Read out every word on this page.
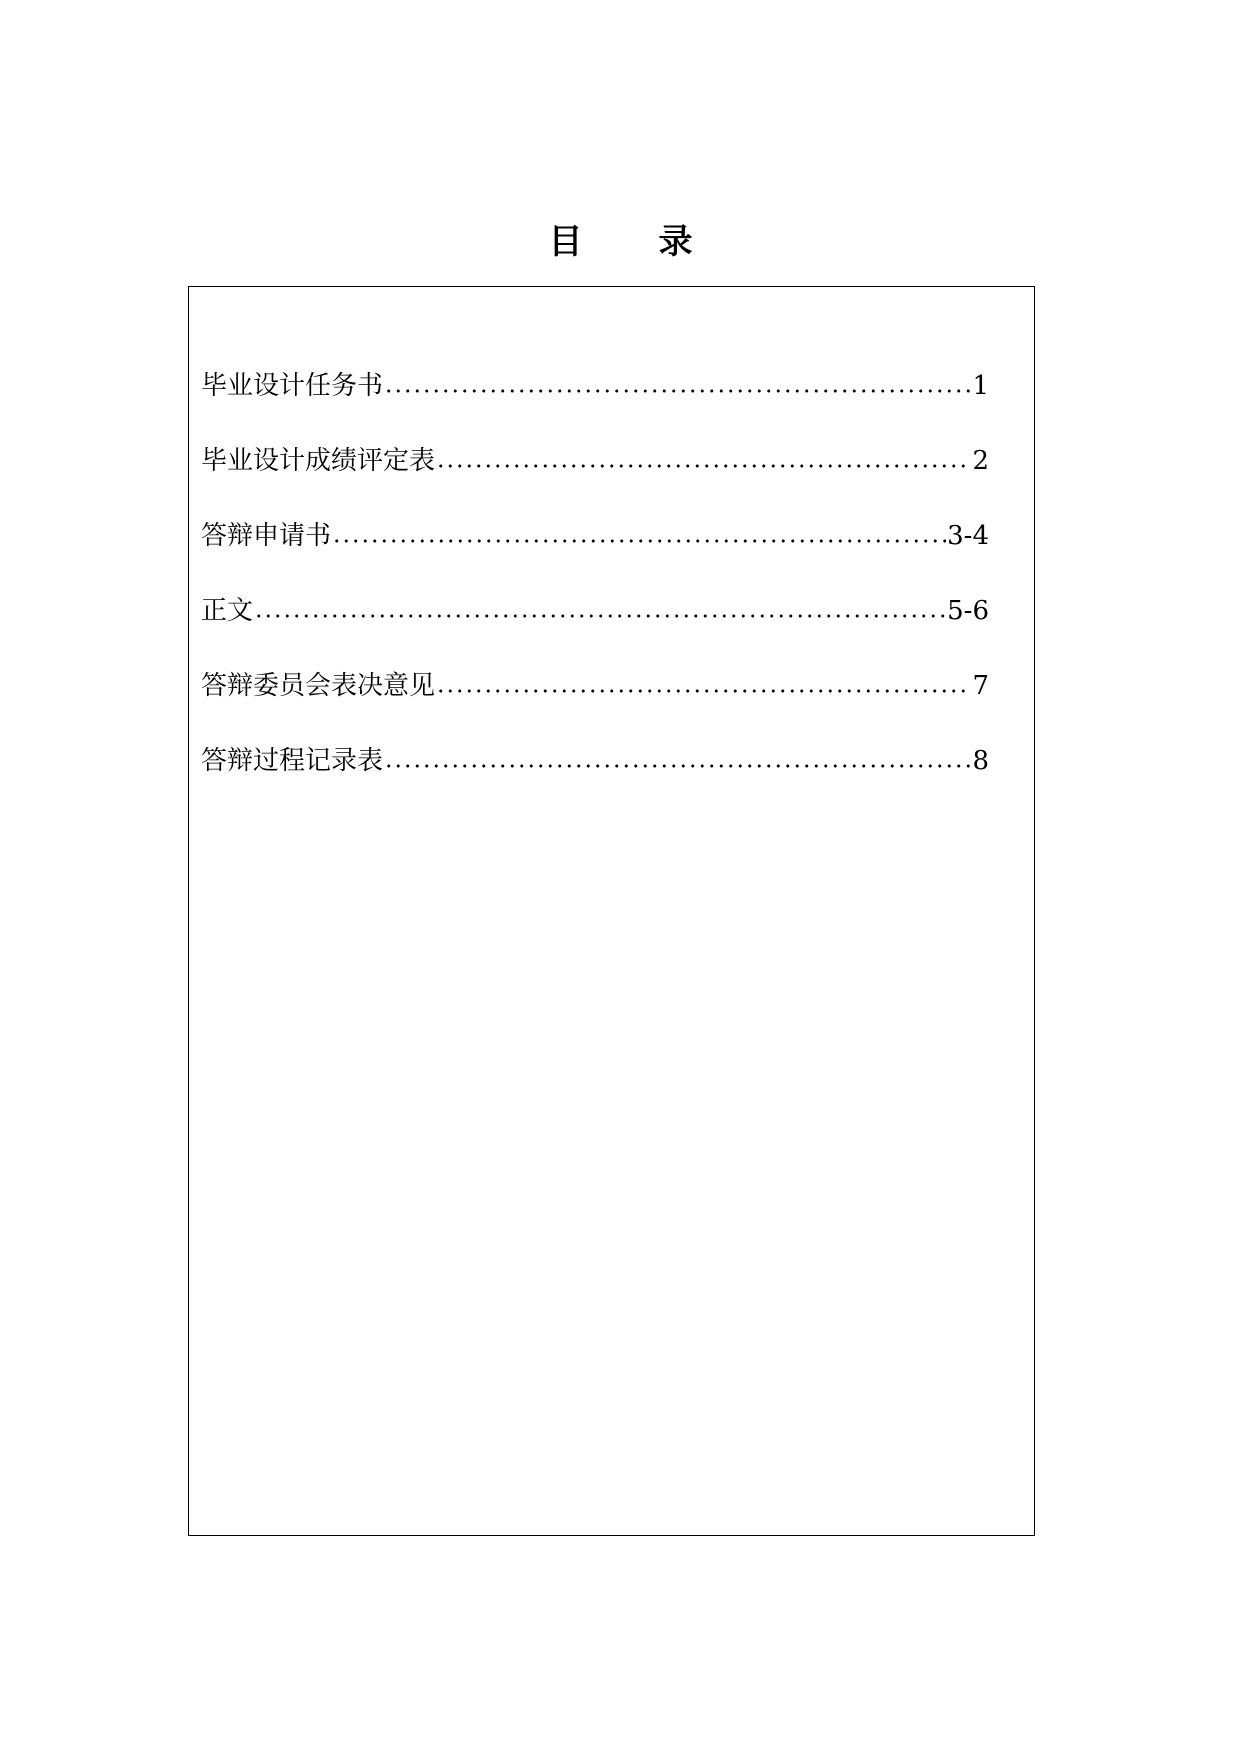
目 录
毕业设计任务书	1
毕业设计成绩评定表	2
答辩申请书	3-4
正文	5-6
答辩委员会表决意见	7
答辩过程记录表	8
